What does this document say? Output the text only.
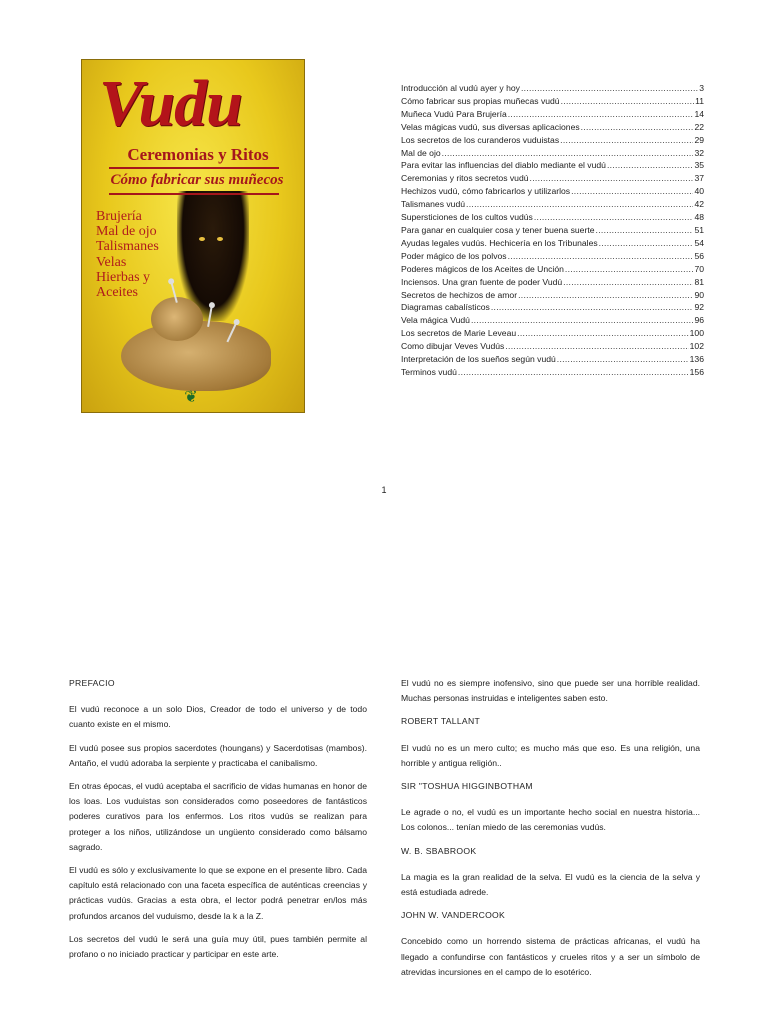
Vudu
Ceremonias y Ritos
Cómo fabricar sus muñecos
Brujería
Mal de ojo
Talismanes
Velas
Hierbas y
Aceites
❦
Introducción al vudú ayer y hoy .....	3
Cómo fabricar sus propias muñecas vudú .....	11
Muñeca Vudú Para Brujería .....	14
Velas mágicas vudú, sus diversas aplicaciones .....	22
Los secretos de los curanderos vuduistas .....	29
Mal de ojo .....	32
Para evitar las influencias del diablo mediante el vudú .....	35
Ceremonias y ritos secretos vudú .....	37
Hechizos vudú, cómo fabricarlos y utilizarlos .....	40
Talismanes vudú .....	42
Supersticiones de los cultos vudús .....	48
Para ganar en cualquier cosa y tener buena suerte .....	51
Ayudas legales vudús. Hechicería en los Tribunales .....	54
Poder mágico de los polvos .....	56
Poderes mágicos de los Aceites de Unción .....	70
Inciensos. Una gran fuente de poder Vudú .....	81
Secretos de hechizos de amor .....	90
Diagramas cabalísticos .....	92
Vela mágica Vudú .....	96
Los secretos de Marie Leveau .....	100
Como dibujar Veves Vudús .....	102
Interpretación de los sueños según vudú .....	136
Terminos vudú .....	156
1
PREFACIO

El vudú reconoce a un solo Dios, Creador de todo el universo y de todo cuanto existe en el mismo.

El vudú posee sus propios sacerdotes (houngans) y Sacerdotisas (mambos). Antaño, el vudú adoraba la serpiente y practicaba el canibalismo.

En otras épocas, el vudú aceptaba el sacrificio de vidas humanas en honor de los loas. Los vuduistas son considerados como poseedores de fantásticos poderes curativos para los enfermos. Los ritos vudús se realizan para proteger a los niños, utilizándose un ungüento considerado como bálsamo sagrado.

El vudú es sólo y exclusivamente lo que se expone en el presente libro. Cada capítulo está relacionado con una faceta específica de auténticas creencias y prácticas vudús. Gracias a esta obra, el lector podrá penetrar en/los más profundos arcanos del vuduismo, desde la k a la Z.

Los secretos del vudú le será una guía muy útil, pues también permite al profano o no iniciado practicar y participar en este arte.

El vudú no es siempre inofensivo, sino que puede ser una horrible realidad. Muchas personas instruidas e inteligentes saben esto.

ROBERT TALLANT

El vudú no es un mero culto; es mucho más que eso. Es una religión, una horrible y antigua religión..

SIR "TOSHUA HIGGINBOTHAM

Le agrade o no, el vudú es un importante hecho social en nuestra historia... Los colonos... tenían miedo de las ceremonias vudús.

W. B. SBABROOK

La magia es la gran realidad de la selva. El vudú es la ciencia de la selva y está estudiada adrede.

JOHN W. VANDERCOOK

Concebido como un horrendo sistema de prácticas africanas, el vudú ha llegado a confundirse con fantásticos y crueles ritos y a ser un símbolo de atrevidas incursiones en el campo de lo esotérico.
